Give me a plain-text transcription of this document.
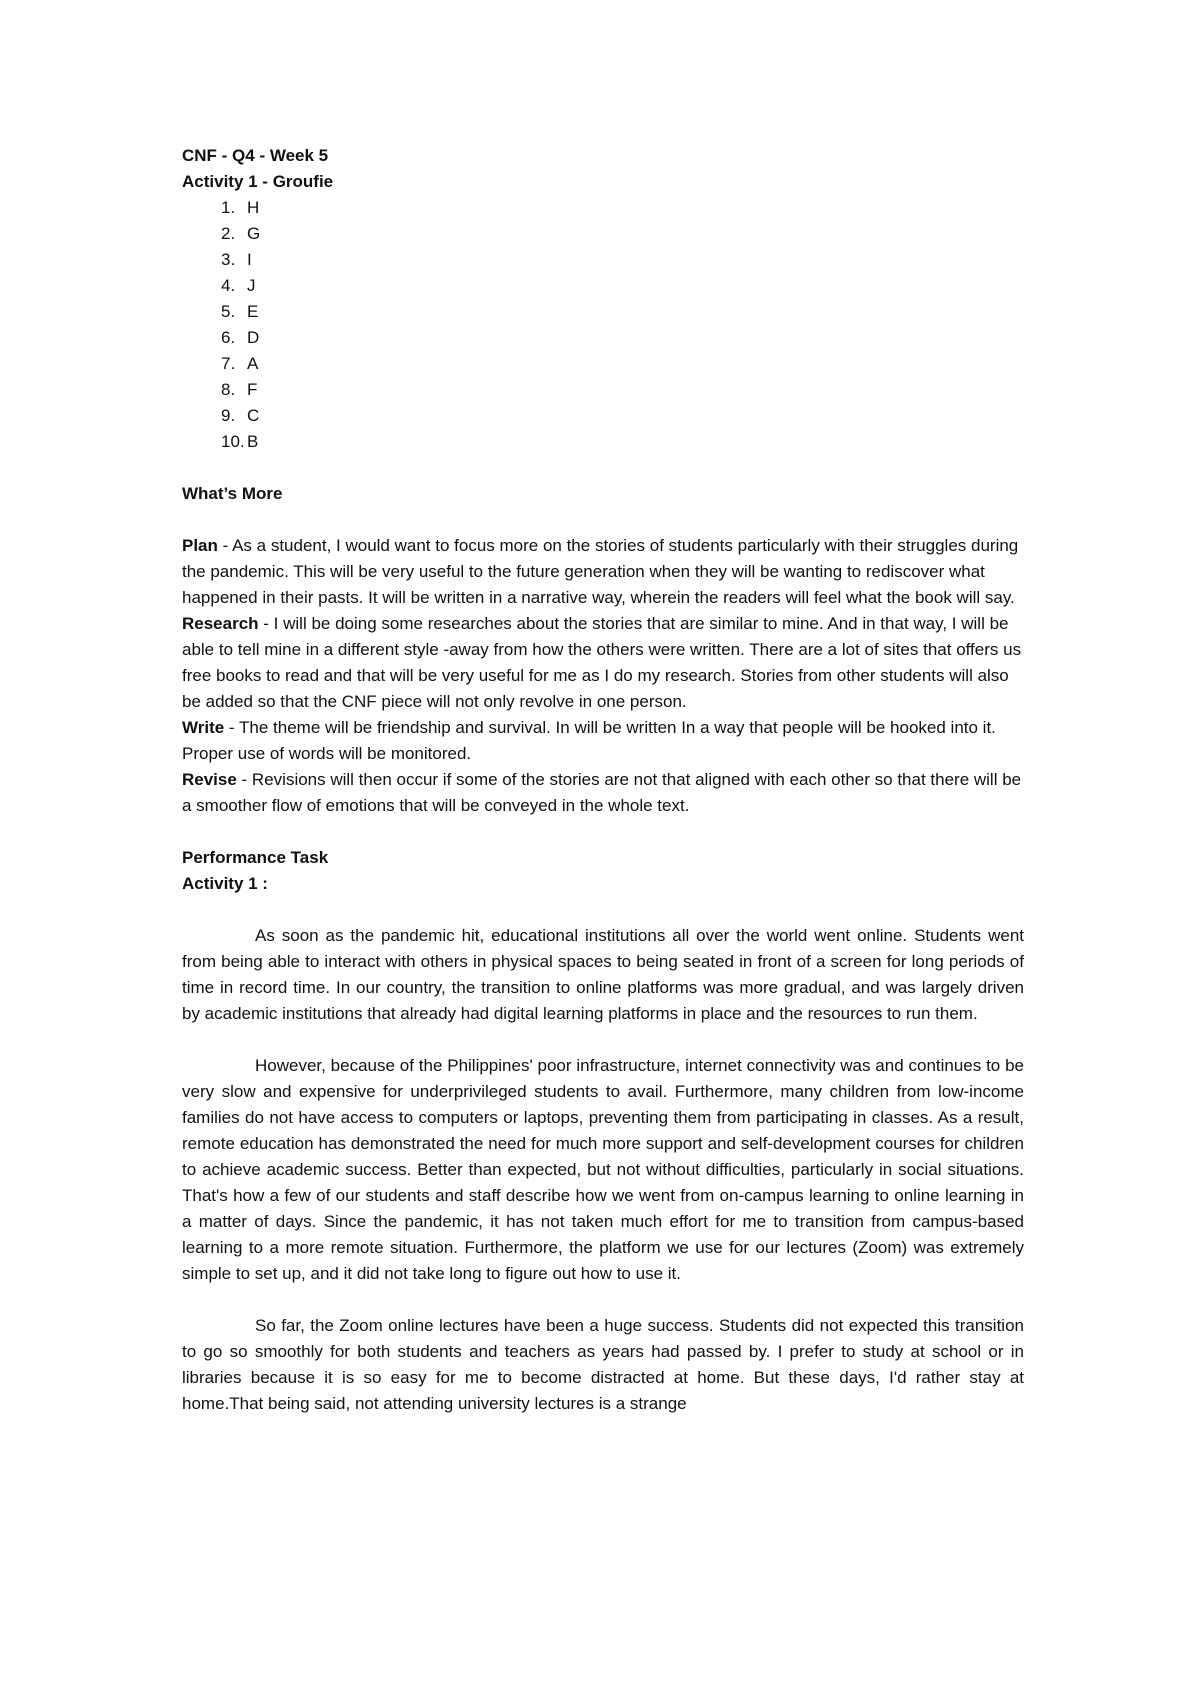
CNF - Q4 - Week 5

Activity 1 - Groufie

1. H
2. G
3. I
4. J
5. E
6. D
7. A
8. F
9. C
10. B

What’s More

Plan - As a student, I would want to focus more on the stories of students particularly with their struggles during the pandemic. This will be very useful to the future generation when they will be wanting to rediscover what happened in their pasts. It will be written in a narrative way, wherein the readers will feel what the book will say.

Research - I will be doing some researches about the stories that are similar to mine. And in that way, I will be able to tell mine in a different style -away from how the others were written. There are a lot of sites that offers us free books to read and that will be very useful for me as I do my research. Stories from other students will also be added so that the CNF piece will not only revolve in one person.

Write - The theme will be friendship and survival. In will be written In a way that people will be hooked into it. Proper use of words will be monitored.

Revise - Revisions will then occur if some of the stories are not that aligned with each other so that there will be a smoother flow of emotions that will be conveyed in the whole text.

Performance Task

Activity 1 :

As soon as the pandemic hit, educational institutions all over the world went online. Students went from being able to interact with others in physical spaces to being seated in front of a screen for long periods of time in record time. In our country, the transition to online platforms was more gradual, and was largely driven by academic institutions that already had digital learning platforms in place and the resources to run them.

However, because of the Philippines' poor infrastructure, internet connectivity was and continues to be very slow and expensive for underprivileged students to avail. Furthermore, many children from low-income families do not have access to computers or laptops, preventing them from participating in classes. As a result, remote education has demonstrated the need for much more support and self-development courses for children to achieve academic success. Better than expected, but not without difficulties, particularly in social situations. That's how a few of our students and staff describe how we went from on-campus learning to online learning in a matter of days. Since the pandemic, it has not taken much effort for me to transition from campus-based learning to a more remote situation. Furthermore, the platform we use for our lectures (Zoom) was extremely simple to set up, and it did not take long to figure out how to use it.

So far, the Zoom online lectures have been a huge success. Students did not expected this transition to go so smoothly for both students and teachers as years had passed by. I prefer to study at school or in libraries because it is so easy for me to become distracted at home. But these days, I'd rather stay at home.That being said, not attending university lectures is a strange
